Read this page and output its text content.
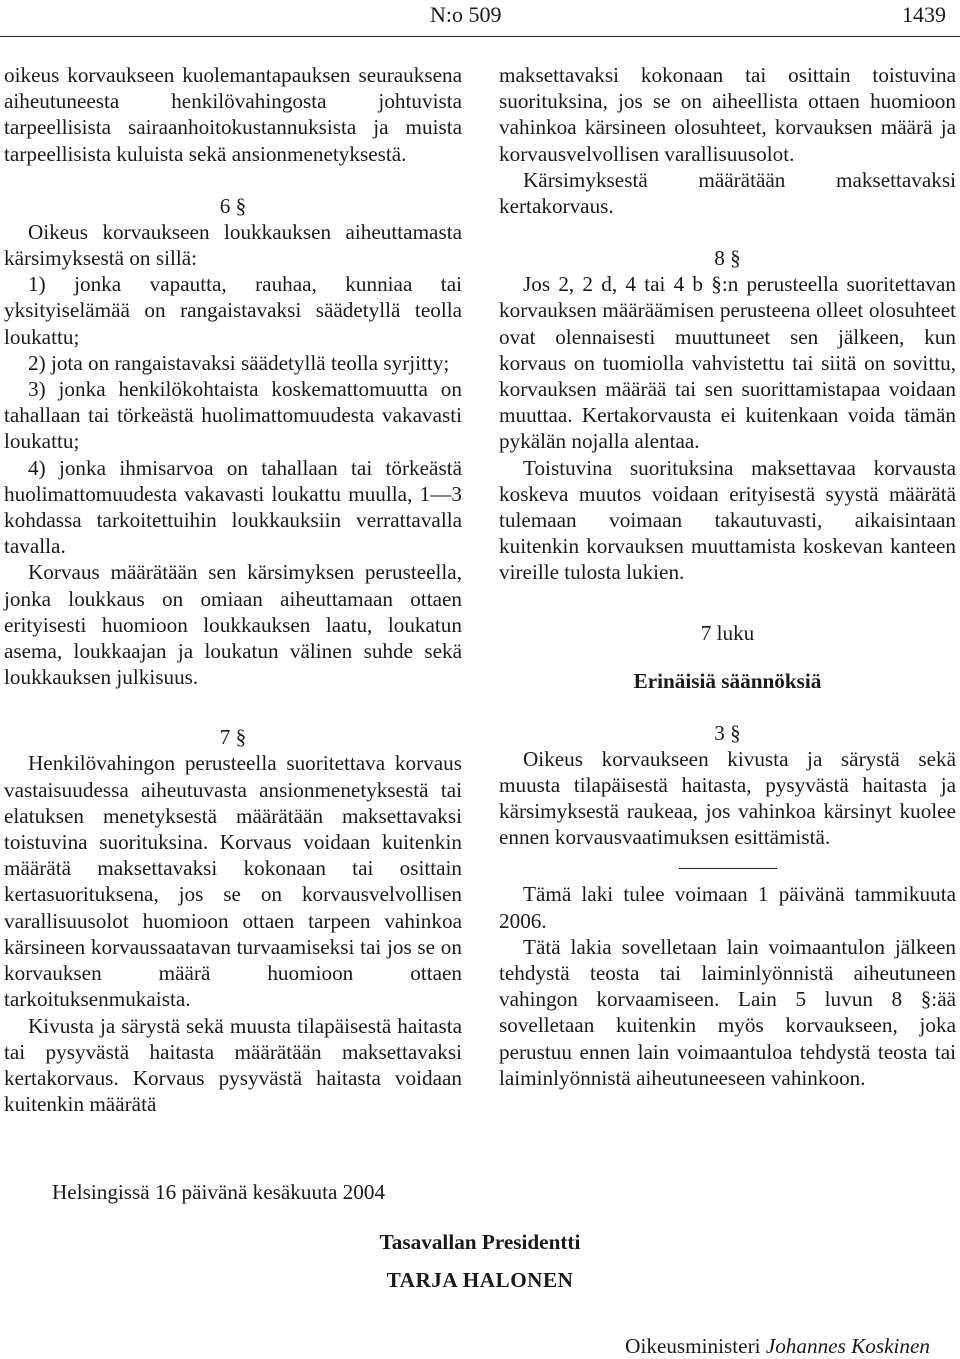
N:o 509	1439

oikeus korvaukseen kuolemantapauksen seurauksena aiheutuneesta henkilövahingosta johtuvista tarpeellisista sairaanhoitokustannuksista ja muista tarpeellisista kuluista sekä ansionmenetyksestä.

6 §

Oikeus korvaukseen loukkauksen aiheuttamasta kärsimyksestä on sillä:

1) jonka vapautta, rauhaa, kunniaa tai yksityiselämää on rangaistavaksi säädetyllä teolla loukattu;

2) jota on rangaistavaksi säädetyllä teolla syrjitty;

3) jonka henkilökohtaista koskemattomuutta on tahallaan tai törkeästä huolimattomuudesta vakavasti loukattu;

4) jonka ihmisarvoa on tahallaan tai törkeästä huolimattomuudesta vakavasti loukattu muulla, 1—3 kohdassa tarkoitettuihin loukkauksiin verrattavalla tavalla.

Korvaus määrätään sen kärsimyksen perusteella, jonka loukkaus on omiaan aiheuttamaan ottaen erityisesti huomioon loukkauksen laatu, loukatun asema, loukkaajan ja loukatun välinen suhde sekä loukkauksen julkisuus.

7 §

Henkilövahingon perusteella suoritettava korvaus vastaisuudessa aiheutuvasta ansionmenetyksestä tai elatuksen menetyksestä määrätään maksettavaksi toistuvina suorituksina. Korvaus voidaan kuitenkin määrätä maksettavaksi kokonaan tai osittain kertasuorituksena, jos se on korvausvelvollisen varallisuusolot huomioon ottaen tarpeen vahinkoa kärsineen korvaussaatavan turvaamiseksi tai jos se on korvauksen määrä huomioon ottaen tarkoituksenmukaista.

Kivusta ja särystä sekä muusta tilapäisestä haitasta tai pysyvästä haitasta määrätään maksettavaksi kertakorvaus. Korvaus pysyvästä haitasta voidaan kuitenkin määrätä

maksettavaksi kokonaan tai osittain toistuvina suorituksina, jos se on aiheellista ottaen huomioon vahinkoa kärsineen olosuhteet, korvauksen määrä ja korvausvelvollisen varallisuusolot.

Kärsimyksestä määrätään maksettavaksi kertakorvaus.

8 §

Jos 2, 2 d, 4 tai 4 b §:n perusteella suoritettavan korvauksen määräämisen perusteena olleet olosuhteet ovat olennaisesti muuttuneet sen jälkeen, kun korvaus on tuomiolla vahvistettu tai siitä on sovittu, korvauksen määrää tai sen suorittamistapaa voidaan muuttaa. Kertakorvausta ei kuitenkaan voida tämän pykälän nojalla alentaa.

Toistuvina suorituksina maksettavaa korvausta koskeva muutos voidaan erityisestä syystä määrätä tulemaan voimaan takautuvasti, aikaisintaan kuitenkin korvauksen muuttamista koskevan kanteen vireille tulosta lukien.

7 luku
Erinäisiä säännöksiä
3 §

Oikeus korvaukseen kivusta ja särystä sekä muusta tilapäisestä haitasta, pysyvästä haitasta ja kärsimyksestä raukeaa, jos vahinkoa kärsinyt kuolee ennen korvausvaatimuksen esittämistä.

Tämä laki tulee voimaan 1 päivänä tammikuuta 2006.

Tätä lakia sovelletaan lain voimaantulon jälkeen tehdystä teosta tai laiminlyönnistä aiheutuneen vahingon korvaamiseen. Lain 5 luvun 8 §:ää sovelletaan kuitenkin myös korvaukseen, joka perustuu ennen lain voimaantuloa tehdystä teosta tai laiminlyönnistä aiheutuneeseen vahinkoon.

Helsingissä 16 päivänä kesäkuuta 2004
Tasavallan Presidentti
TARJA HALONEN
Oikeusministeri Johannes Koskinen
